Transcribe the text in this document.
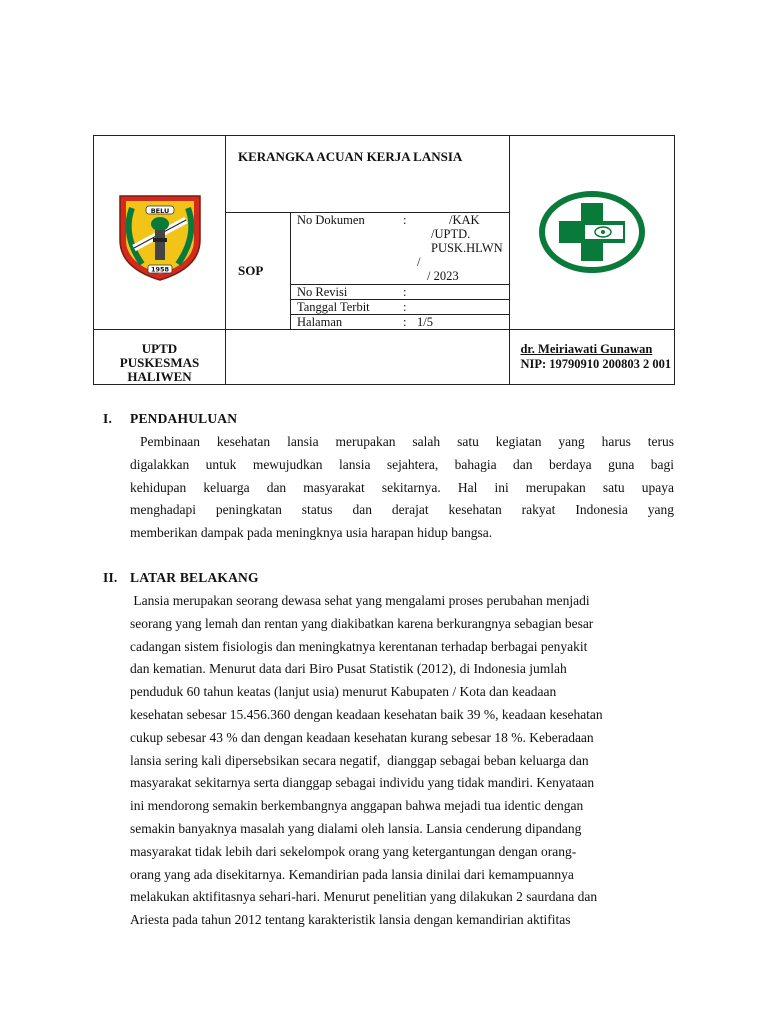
BELU
1958

KERANGKA ACUAN KERJA LANSIA

SOP	
No Dokumen	:	/KAK
/UPTD.
PUSK.HLWN
/
/ 2023

No Revisi	:	
Tanggal Terbit	:	
Halaman	:	1/5

UPTD
PUSKESMAS
HALIWEN

dr. Meiriawati Gunawan
NIP: 19790910 200803 2 001
I. PENDAHULUAN
Pembinaan kesehatan lansia merupakan salah satu kegiatan yang harus terus
digalakkan untuk mewujudkan lansia sejahtera, bahagia dan berdaya guna bagi
kehidupan keluarga dan masyarakat sekitarnya. Hal ini merupakan satu upaya
menghadapi peningkatan status dan derajat kesehatan rakyat Indonesia yang
memberikan dampak pada meningknya usia harapan hidup bangsa.
II. LATAR BELAKANG
Lansia merupakan seorang dewasa sehat yang mengalami proses perubahan menjadi
seorang yang lemah dan rentan yang diakibatkan karena berkurangnya sebagian besar
cadangan sistem fisiologis dan meningkatnya kerentanan terhadap berbagai penyakit
dan kematian. Menurut data dari Biro Pusat Statistik (2012), di Indonesia jumlah
penduduk 60 tahun keatas (lanjut usia) menurut Kabupaten / Kota dan keadaan
kesehatan sebesar 15.456.360 dengan keadaan kesehatan baik 39 %, keadaan kesehatan
cukup sebesar 43 % dan dengan keadaan kesehatan kurang sebesar 18 %. Keberadaan
lansia sering kali dipersebsikan secara negatif,  dianggap sebagai beban keluarga dan
masyarakat sekitarnya serta dianggap sebagai individu yang tidak mandiri. Kenyataan
ini mendorong semakin berkembangnya anggapan bahwa mejadi tua identic dengan
semakin banyaknya masalah yang dialami oleh lansia. Lansia cenderung dipandang
masyarakat tidak lebih dari sekelompok orang yang ketergantungan dengan orang-
orang yang ada disekitarnya. Kemandirian pada lansia dinilai dari kemampuannya
melakukan aktifitasnya sehari-hari. Menurut penelitian yang dilakukan 2 saurdana dan
Ariesta pada tahun 2012 tentang karakteristik lansia dengan kemandirian aktifitas
